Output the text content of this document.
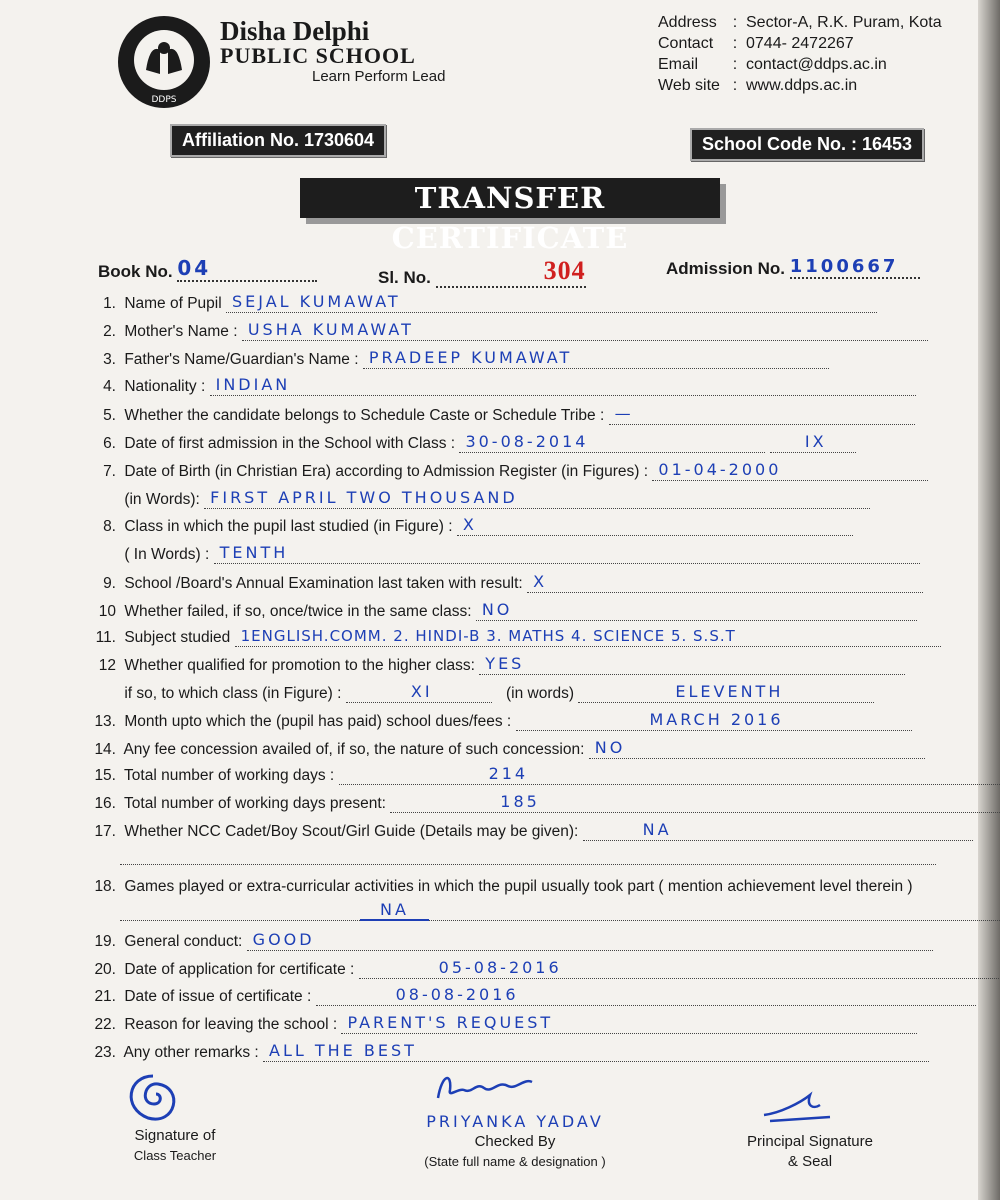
DDPS
Disha Delphi
PUBLIC SCHOOL
Learn Perform Lead
Address	: Sector-A, R.K. Puram, Kota
Contact	: 0744- 2472267
Email	: contact@ddps.ac.in
Web site : www.ddps.ac.in
Affiliation No. 1730604	School Code No. : 16453
TRANSFER CERTIFICATE
Book No. 04	Sl. No.	304	Admission No. 1100667
1. Name of Pupil SEJAL KUMAWAT
2. Mother's Name : USHA KUMAWAT
3. Father's Name/Guardian's Name : PRADEEP KUMAWAT
4. Nationality : INDIAN
5. Whether the candidate belongs to Schedule Caste or Schedule Tribe : —
6. Date of first admission in the School with Class : 30-08-2014	IX
7. Date of Birth (in Christian Era) according to Admission Register (in Figures) : 01-04-2000
(in Words): FIRST APRIL TWO THOUSAND
8. Class in which the pupil last studied (in Figure) : X
( In Words) : TENTH
9. School /Board's Annual Examination last taken with result: X
10 Whether failed, if so, once/twice in the same class: NO
11. Subject studied 1ENGLISH.COMM. 2. HINDI-B 3. MATHS 4. SCIENCE 5. S.S.T
12 Whether qualified for promotion to the higher class: YES
if so, to which class (in Figure) :	XI	(in words)	ELEVENTH
13. Month upto which the (pupil has paid) school dues/fees :	MARCH 2016
14. Any fee concession availed of, if so, the nature of such concession: NO
15. Total number of working days :	214
16. Total number of working days present:	185
17. Whether NCC Cadet/Boy Scout/Girl Guide (Details may be given):	NA
18. Games played or extra-curricular activities in which the pupil usually took part ( mention achievement level therein )
NA
19. General conduct: GOOD
20. Date of application for certificate :	05-08-2016
21. Date of issue of certificate :	08-08-2016
22. Reason for leaving the school : PARENT'S REQUEST
23. Any other remarks : ALL THE BEST
Signature of
Class Teacher
PRIYANKA YADAV
Checked By
(State full name & designation )
Principal Signature
& Seal
